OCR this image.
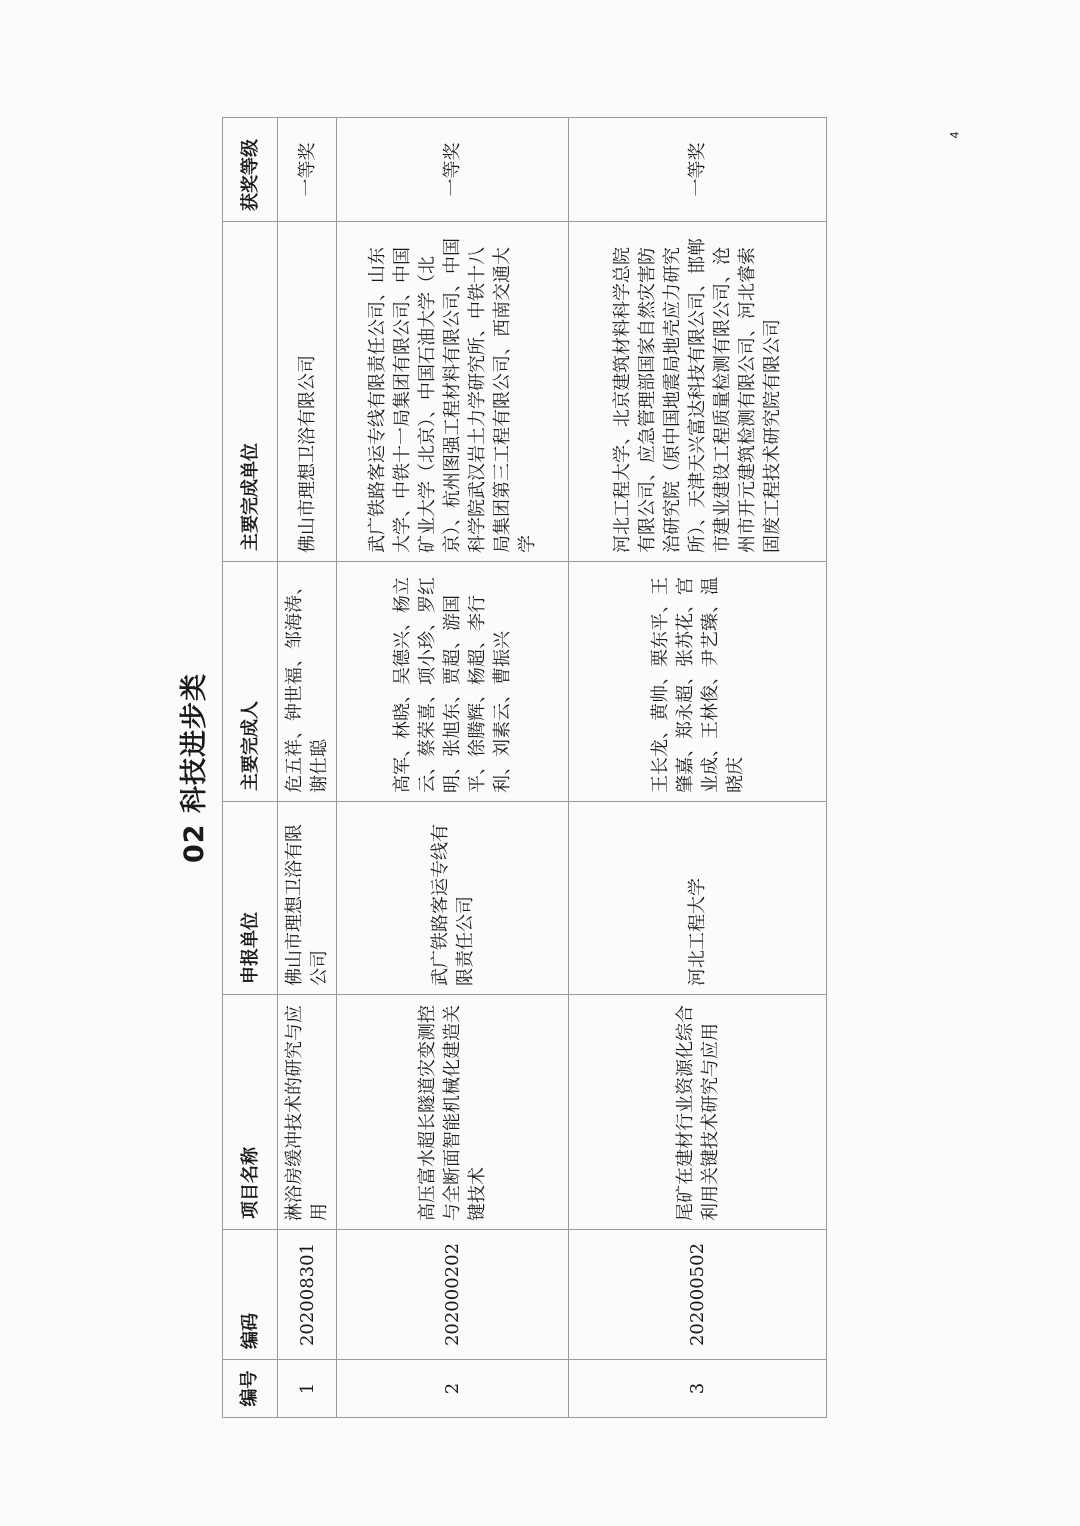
4
02 科技进步类
编号	编码	项目名称	申报单位	主要完成人	主要完成单位	获奖等级
1	202008301	淋浴房缓冲技术的研究与应用	佛山市理想卫浴有限公司	危五祥、钟世福、邹海涛、谢仕聪	佛山市理想卫浴有限公司	一等奖
2	202000202	高压富水超长隧道灾变测控与全断面智能机械化建造关键技术	武广铁路客运专线有限责任公司	高军、林晓、吴德兴、杨立云、蔡荣喜、项小珍、罗红明、张旭东、贾超、游国平、徐腾辉、杨超、李行利、刘素云、曹振兴	武广铁路客运专线有限责任公司、山东大学、中铁十一局集团有限公司、中国矿业大学（北京）、中国石油大学（北京）、杭州图强工程材料有限公司、中国科学院武汉岩土力学研究所、中铁十八局集团第三工程有限公司、西南交通大学	一等奖
3	202000502	尾矿在建材行业资源化综合利用关键技术研究与应用	河北工程大学	王长龙、黄帅、栗东平、王肇嘉、郑永超、张苏花、宫业成、王林俊、尹艺臻、温晓庆	河北工程大学、北京建筑材料科学总院有限公司、应急管理部国家自然灾害防治研究院（原中国地震局地壳应力研究所）、天津天兴富达科技有限公司、邯郸市建业建设工程质量检测有限公司、沧州市开元建筑检测有限公司、河北睿索固废工程技术研究院有限公司	一等奖
